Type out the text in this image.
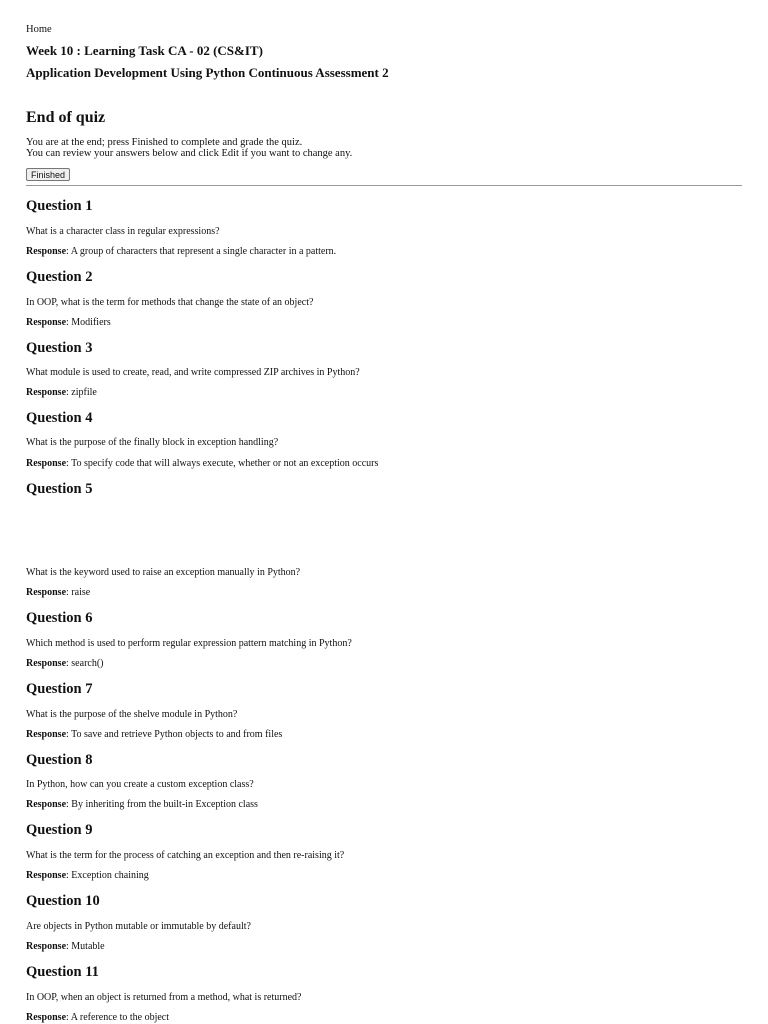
Home
Week 10 : Learning Task CA - 02 (CS&IT)
Application Development Using Python Continuous Assessment 2
End of quiz
You are at the end; press Finished to complete and grade the quiz.
You can review your answers below and click Edit if you want to change any.
Finished
Question 1
What is a character class in regular expressions?
Response: A group of characters that represent a single character in a pattern.
Question 2
In OOP, what is the term for methods that change the state of an object?
Response: Modifiers
Question 3
What module is used to create, read, and write compressed ZIP archives in Python?
Response: zipfile
Question 4
What is the purpose of the finally block in exception handling?
Response: To specify code that will always execute, whether or not an exception occurs
Question 5
What is the keyword used to raise an exception manually in Python?
Response: raise
Question 6
Which method is used to perform regular expression pattern matching in Python?
Response: search()
Question 7
What is the purpose of the shelve module in Python?
Response: To save and retrieve Python objects to and from files
Question 8
In Python, how can you create a custom exception class?
Response: By inheriting from the built-in Exception class
Question 9
What is the term for the process of catching an exception and then re-raising it?
Response: Exception chaining
Question 10
Are objects in Python mutable or immutable by default?
Response: Mutable
Question 11
In OOP, when an object is returned from a method, what is returned?
Response: A reference to the object
